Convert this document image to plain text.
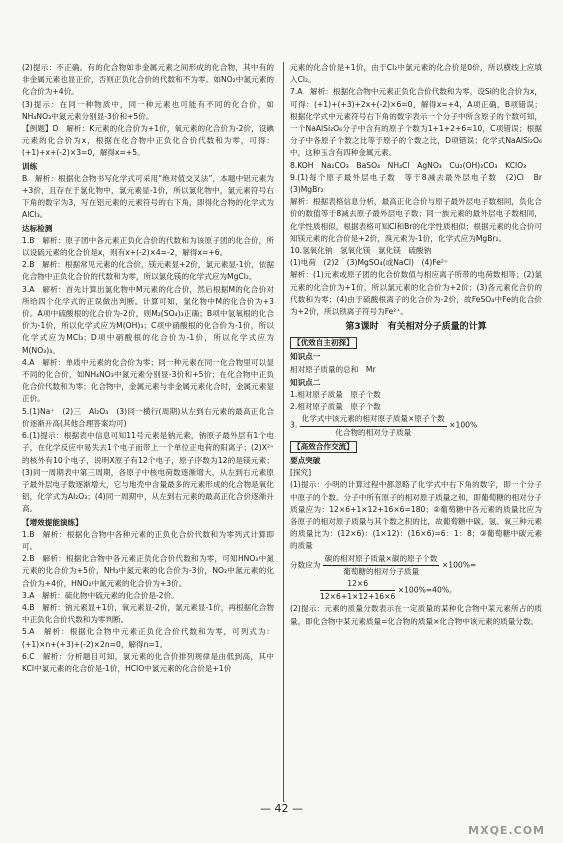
(2)提示：不正确。有的化合物如非金属元素之间形成的化合物，其中有的非金属元素也显正价，否则正负化合价的代数和不为零。如NO₂中氮元素的化合价为+4价。

(3)提示：在同一种物质中，同一种元素也可能有不同的化合价，如NH₄NO₃中氮元素分别显-3价和+5价。

【例题】D　解析：K元素的化合价为+1价，氧元素的化合价为-2价，设碘元素的化合价为x，根据在化合物中正负化合价代数和为零，可得：(+1)+x+(-2)×3=0，解得x=+5。

训练

B　解析：根据化合物书写化学式可采用“绝对值交叉法”，本题中铝元素为+3价，且存在于氯化物中，氯元素显-1价，所以氯化物中，氯元素符号右下角的数字为3，写在铝元素的元素符号的右下角，即得化合物的化学式为AlCl₃。

达标检测

1.B　解析：原子团中各元素正负化合价的代数和为该原子团的化合价，所以设硫元素的化合价是x，则有x+(-2)×4=-2，解得x=+6。

2.B　解析：根据常见元素的化合价，镁元素显+2价，氯元素显-1价，依据化合物中正负化合价的代数和为零，所以氯化镁的化学式应为MgCl₂。

3.A　解析：首先计算出氯化物中M元素的化合价，然后根据M的化合价对所给四个化学式的正误做出判断。计算可知，氯化物中M的化合价为+3价。A项中硫酸根的化合价为-2价，则M₂(SO₄)₃正确；B项中氢氧根的化合价为-1价，所以化学式应为M(OH)₃；C项中硝酸根的化合价为-1价，所以化学式应为MCl₃；D项中硝酸根的化合价为-1价，所以化学式应为M(NO₃)₃。

4.A　解析：单质中元素的化合价为零；同一种元素在同一化合物里可以显不同的化合价，如NH₄NO₃中氮元素分别显-3价和+5价；在化合物中正负化合价代数和为零；化合物中，金属元素与非金属元素化合时，金属元素显正价。

5.(1)Na⁺　(2)三　Al₂O₃　(3)同一横行(周期)从左到右元素的最高正化合价逐渐升高(其他合理答案均可)

6.(1)提示：根据表中信息可知11号元素是钠元素，钠原子最外层有1个电子，在化学反应中易失去1个电子而带上一个单位正电荷的阳离子；(2)X²⁺的核外有10个电子，说明X原子有12个电子，原子序数为12的是镁元素；(3)同一周期表中第三周期，各原子中核电荷数逐渐增大，从左到右元素原子最外层电子数逐渐增大，它与地壳中含量最多的元素形成的化合物是氧化铝，化学式为Al₂O₃；(4)同一周期中，从左到右元素的最高正化合价逐渐升高。

【增效提能演练】

1.B　解析：根据化合物中各种元素的正负化合价代数和为零列式计算即可。

2.B　解析：根据化合物中各元素正负化合价代数和为零，可知HNO₃中氮元素的化合价为+5价，NH₃中氮元素的化合价为-3价，NO₂中氮元素的化合价为+4价，HNO₂中氮元素的化合价为+3价。

3.A　解析：硫化物中硫元素的化合价是-2价。

4.B　解析：钠元素显+1价，氧元素显-2价，氯元素显-1价，再根据化合物中正负化合价代数和为零判断。

5.A　解析：根据化合物中元素正负化合价代数和为零，可列式为：(+1)×n+(+3)+(-2)×2n=0，解得n=1。

6.C　解析：分析题目可知，氯元素的化合价排列规律是由低到高，其中KCl中氯元素的化合价是-1价，HClO中氯元素的化合价是+1价

元素的化合价是+1价，由于Cl₂中氯元素的化合价是0价，所以横线上应填入Cl₂。

7.A　解析：根据化合物中元素正负化合价代数和为零，设Si的化合价为x，可得：(+1)+(+3)+2x+(-2)×6=0，解得x=+4，A项正确，B项错误；根据化学式中元素符号右下角的数字表示一个分子中所含原子的个数可知，一个NaAlSi₂O₆分子中含有的原子个数为1+1+2+6=10，C项错误；根据分子中各原子个数之比等于原子的个数之比，D项错误；化学式NaAlSi₂O₆中，这种玉含有四种金属元素。

8.KOH　Na₂CO₃　BaSO₄　NH₄Cl　AgNO₃　Cu₂(OH)₂CO₃　KClO₃

9.(1)每个原子最外层电子数　等于8减去最外层电子数　(2)Cl　Br　(3)MgBr₂

解析：根据表格信息分析，最高正化合价与原子最外层电子数相同，负化合价的数值等于8减去原子最外层电子数；同一族元素的最外层电子数相同，化学性质相似，根据表格可知Cl和Br的化学性质相似；根据元素的化合价可知镁元素的化合价是+2价，溴元素为-1价，化学式应为MgBr₂。

10.氢氧化钠　氢氧化镁　氯化镁　硫酸钠

(1)电荷　(2)2　(3)MgSO₄(或NaCl)　(4)Fe²⁺

解析：(1)元素或原子团的化合价数值与相应离子所带的电荷数相等；(2)氯元素的化合价为+1价，所以氯元素的化合价为+2价；(3)各元素化合价的代数和为零；(4)由于硫酸根离子的化合价为-2价，故FeSO₄中Fe的化合价为+2价，所以铁离子符号为Fe²⁺。

第3课时　有关相对分子质量的计算

【优效自主初探】

知识点一

相对原子质量的总和　Mr

知识点二

1.相对原子质量　原子个数

2.相对原子质量　原子个数

3. $\frac{\text{化学式中该元素的相对原子质量×原子个数}}{\text{化合物的相对分子质量}} \times 100\%$

【高效合作交流】

要点突破

[探究]

(1)提示：小明的计算过程中都忽略了化学式中右下角的数字，即一个分子中原子的个数。分子中所有原子的相对原子质量之和，即葡萄糖的相对分子质量应为：12×6+1×12+16×6=180；②葡萄糖中各元素的质量比应为各原子的相对原子质量与其个数之积的比，故葡萄糖中碳、氢、氧三种元素的质量比为：(12×6)：(1×12)：(16×6)=6：1：8；③葡萄糖中碳元素的质量

分数应为 $\frac{\text{碳的相对原子质量×碳的原子个数}}{\text{葡萄糖的相对分子质量}} \times 100\%=$

$\frac{12\times 6}{12\times 6+1\times 12+16\times 6} \times 100\%=40\%$。

(2)提示：元素的质量分数表示在一定质量的某种化合物中某元素所占的质量，即化合物中某元素质量=化合物的质量×化合物中该元素的质量分数。

— 42 —
MXQE.COM
